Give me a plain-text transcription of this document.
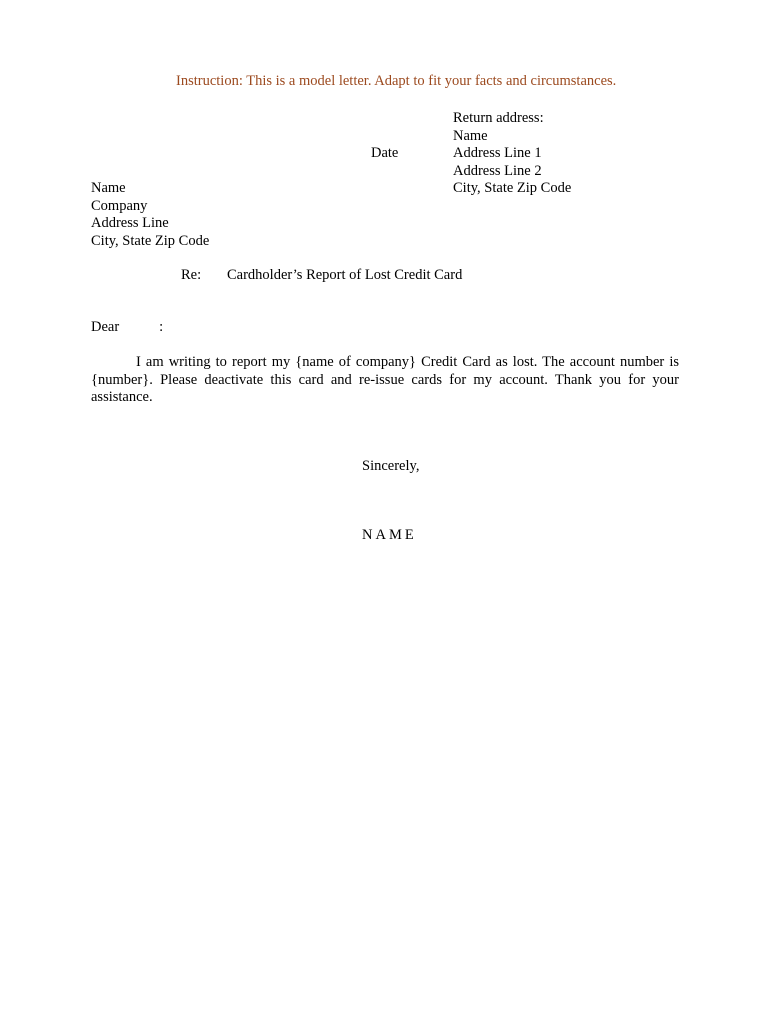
Instruction: This is a model letter. Adapt to fit your facts and circumstances.
Return address:
Name
Address Line 1
Address Line 2
City, State Zip Code
Date
Name
Company
Address Line
City, State Zip Code
Re: Cardholder’s Report of Lost Credit Card
Dear	:
I am writing to report my {name of company} Credit Card as lost. The account number is {number}. Please deactivate this card and re-issue cards for my account. Thank you for your assistance.
Sincerely,
NAME
